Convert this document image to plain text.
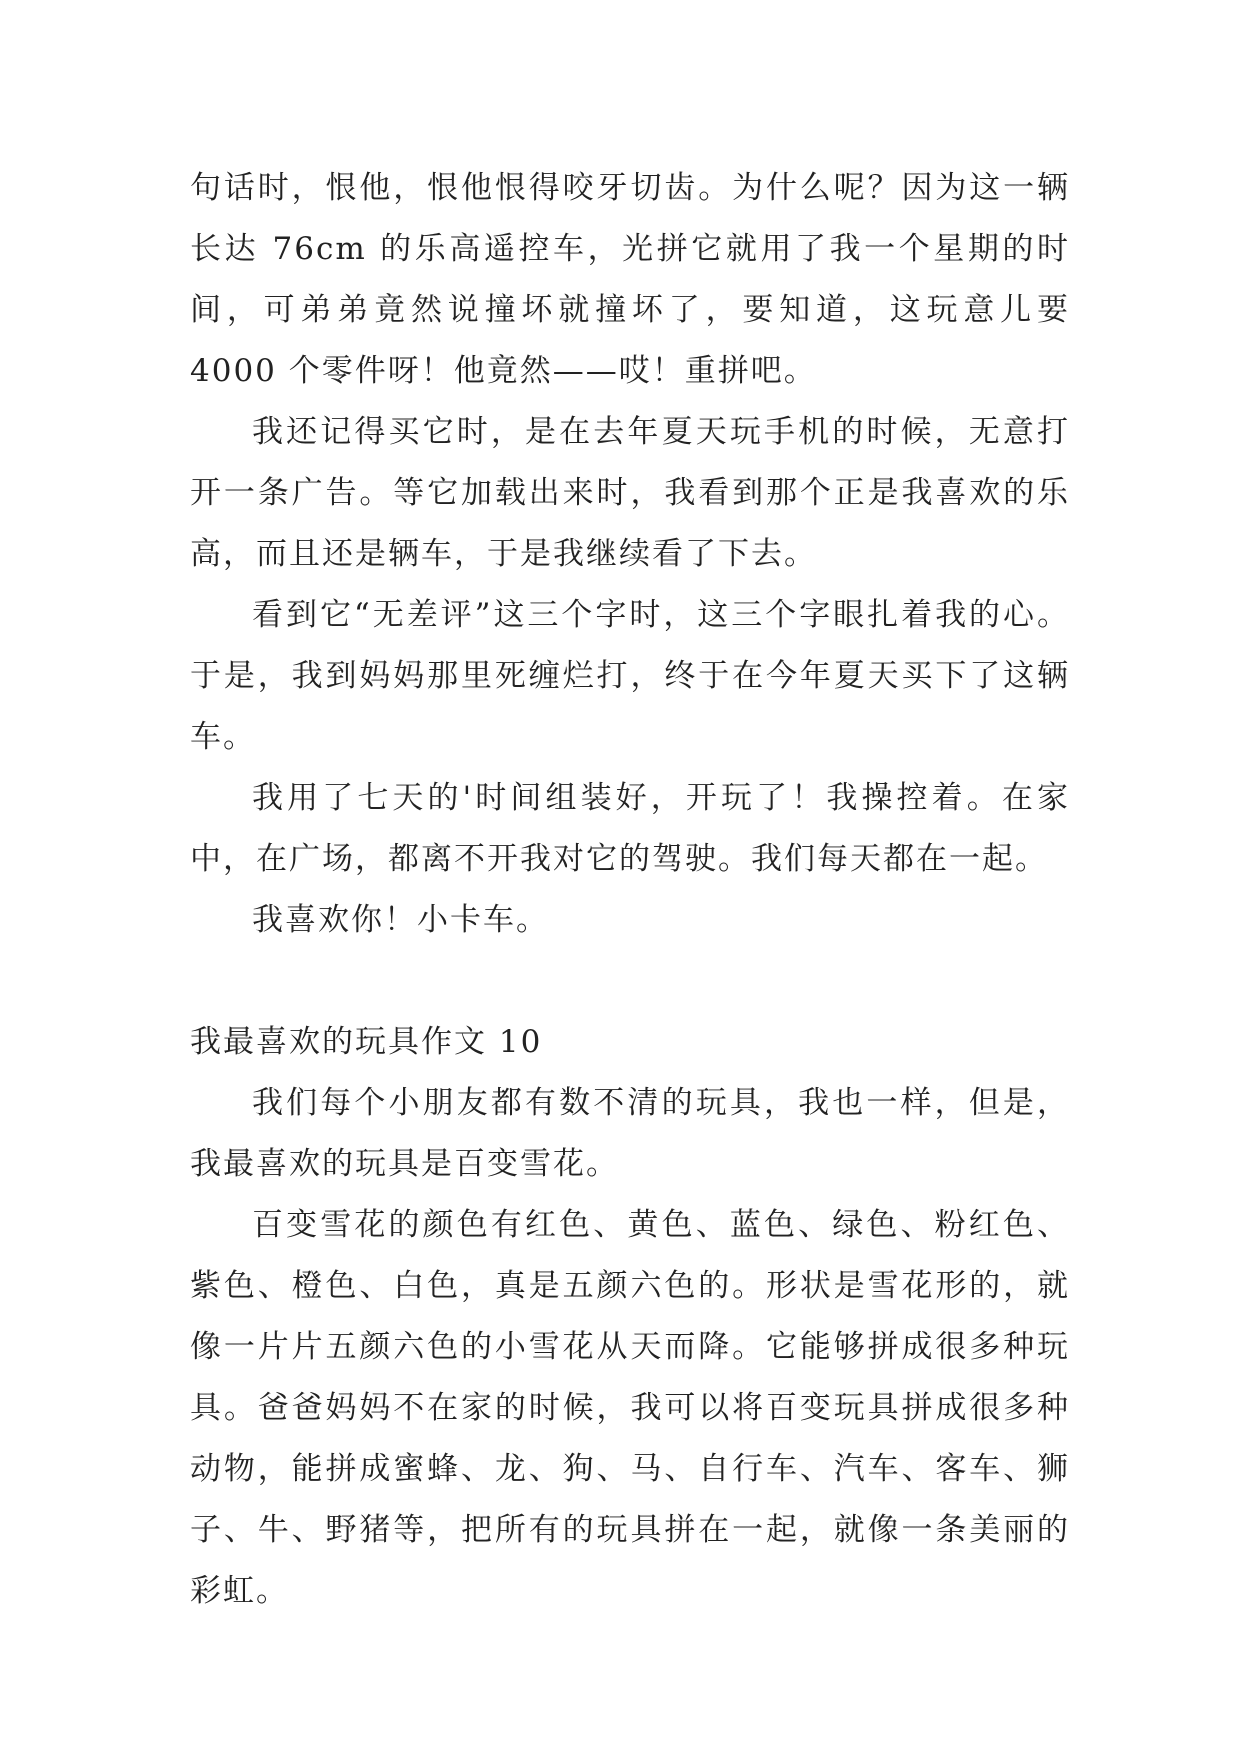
句话时，恨他，恨他恨得咬牙切齿。为什么呢？因为这一辆长达 76cm 的乐高遥控车，光拼它就用了我一个星期的时间，可弟弟竟然说撞坏就撞坏了，要知道，这玩意儿要 4000 个零件呀！他竟然——哎！重拼吧。

我还记得买它时，是在去年夏天玩手机的时候，无意打开一条广告。等它加载出来时，我看到那个正是我喜欢的乐高，而且还是辆车，于是我继续看了下去。

看到它“无差评”这三个字时，这三个字眼扎着我的心。于是，我到妈妈那里死缠烂打，终于在今年夏天买下了这辆车。

我用了七天的'时间组装好，开玩了！我操控着。在家中，在广场，都离不开我对它的驾驶。我们每天都在一起。

我喜欢你！小卡车。

我最喜欢的玩具作文 10

我们每个小朋友都有数不清的玩具，我也一样，但是，我最喜欢的玩具是百变雪花。

百变雪花的颜色有红色、黄色、蓝色、绿色、粉红色、紫色、橙色、白色，真是五颜六色的。形状是雪花形的，就像一片片五颜六色的小雪花从天而降。它能够拼成很多种玩具。爸爸妈妈不在家的时候，我可以将百变玩具拼成很多种动物，能拼成蜜蜂、龙、狗、马、自行车、汽车、客车、狮子、牛、野猪等，把所有的玩具拼在一起，就像一条美丽的彩虹。
